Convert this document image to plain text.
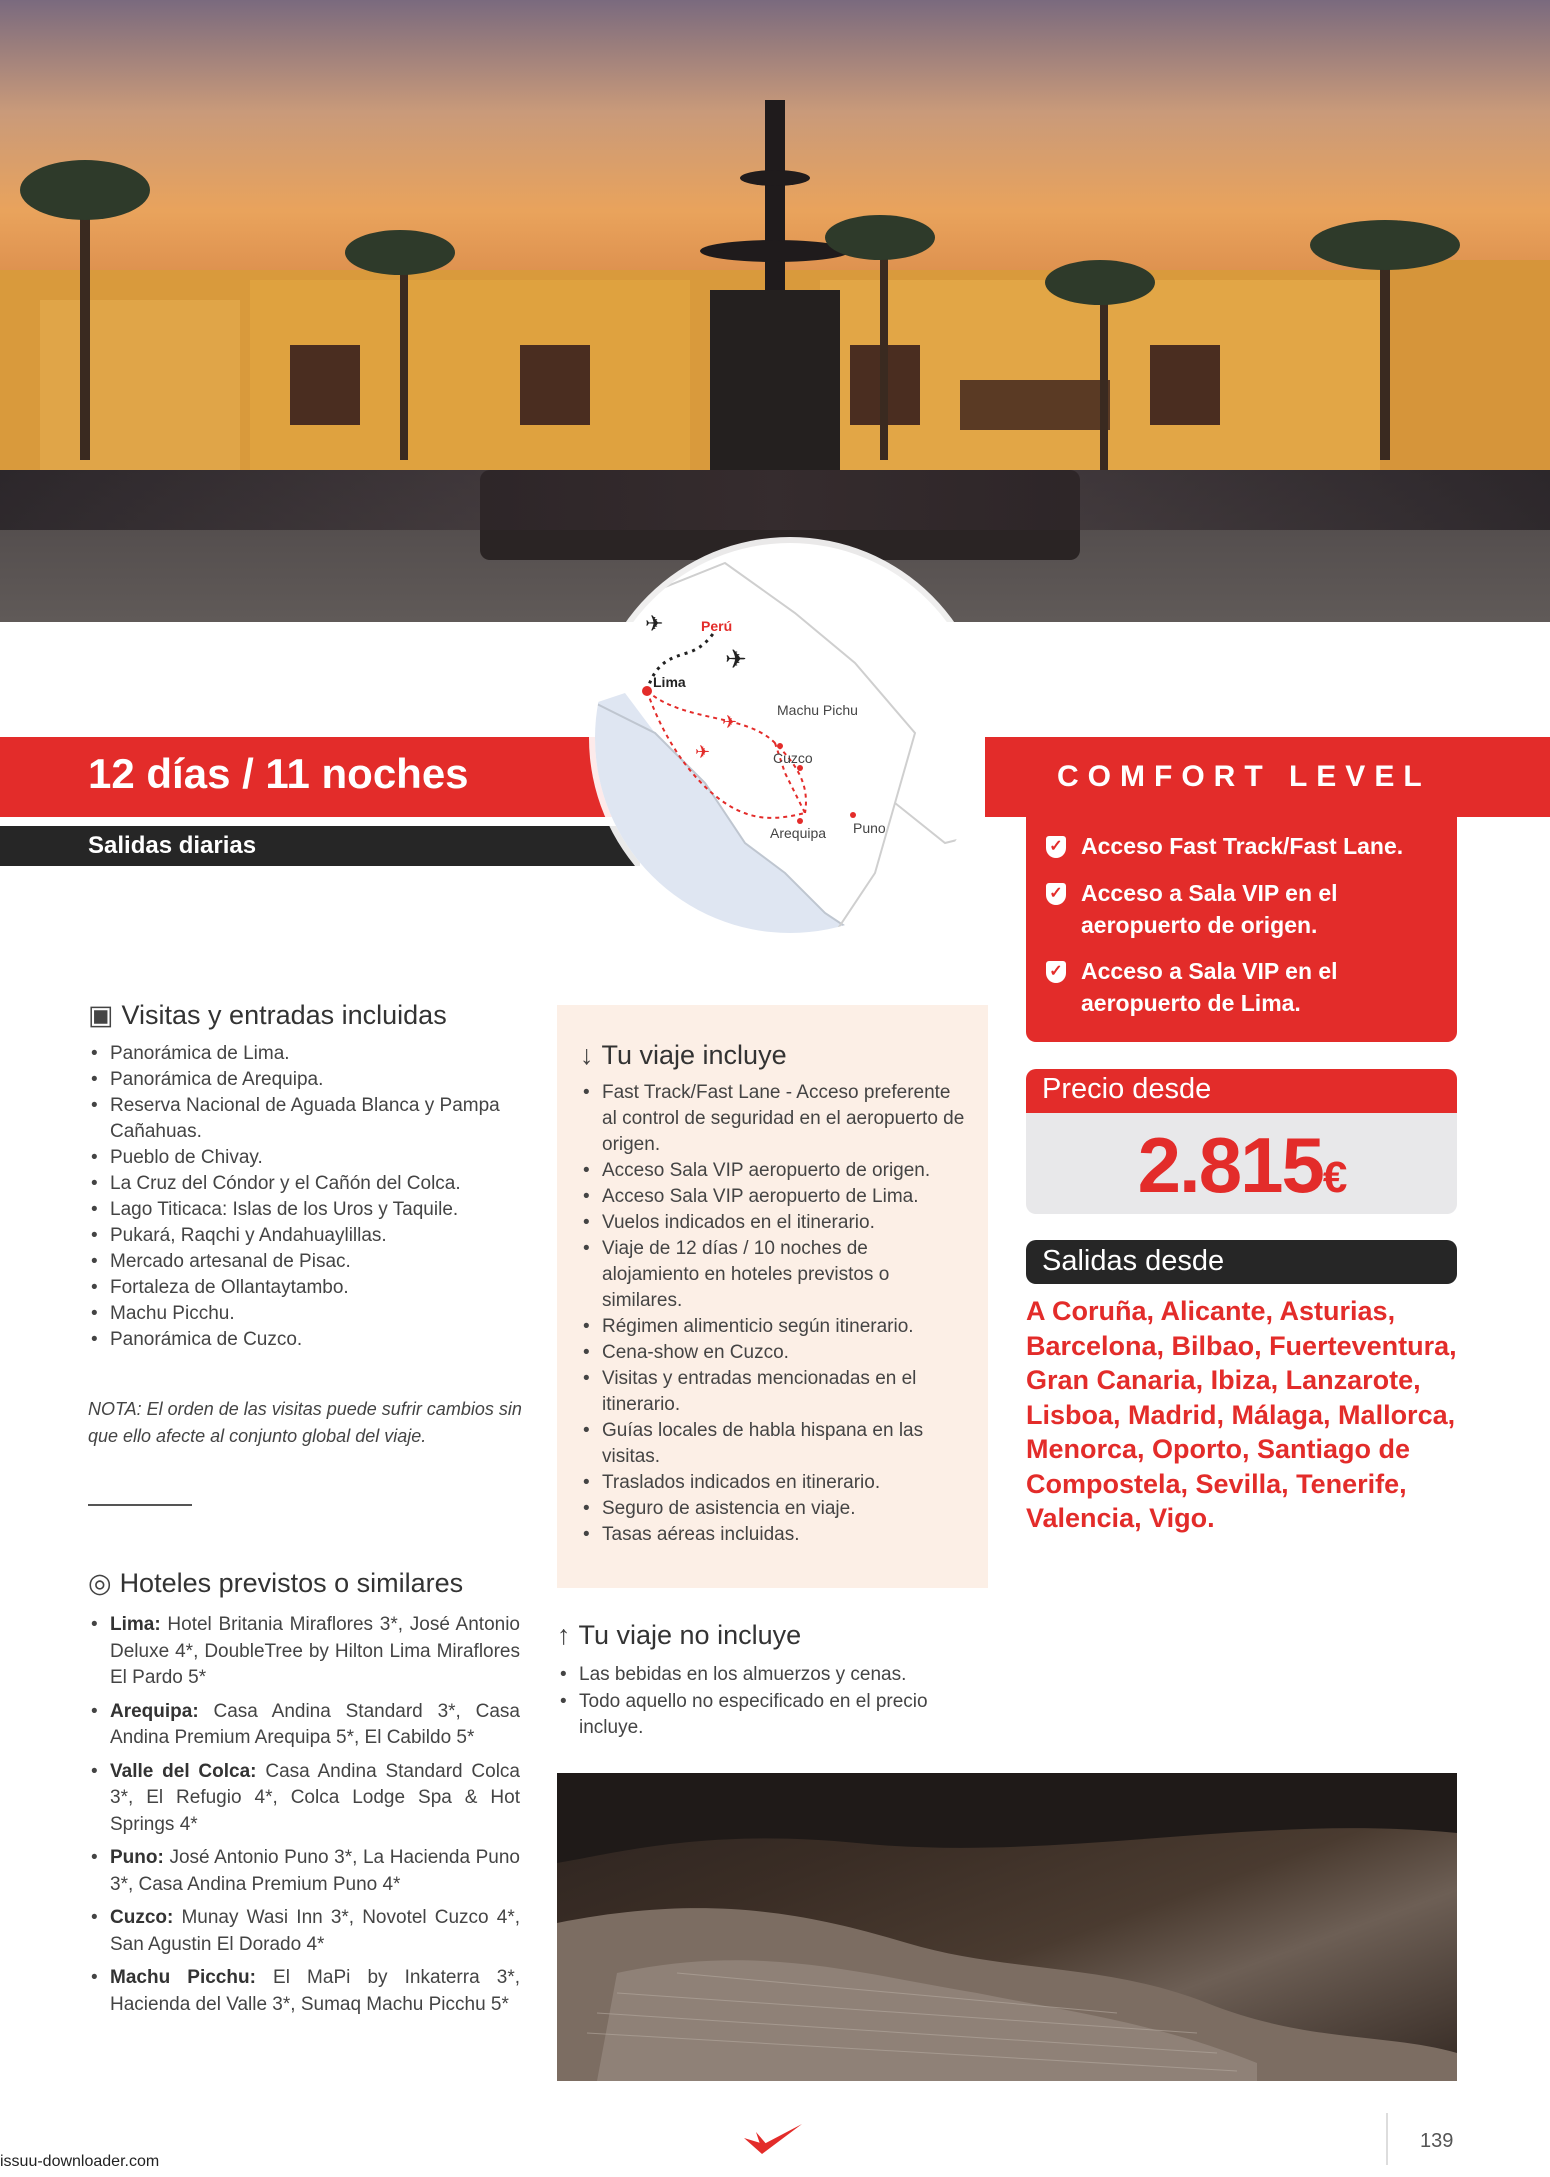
12 días / 11 noches
Salidas diarias
✈
✈
✈
✈
Perú
Lima
Machu Pichu
Cuzco
Arequipa Puno
COMFORT LEVEL
✓ Acceso Fast Track/Fast Lane.
✓ Acceso a Sala VIP en el aeropuerto de origen.
✓ Acceso a Sala VIP en el aeropuerto de Lima.
Precio desde
2.815€
Salidas desde
A Coruña, Alicante, Asturias, Barcelona, Bilbao, Fuerteventura, Gran Canaria, Ibiza, Lanzarote, Lisboa, Madrid, Málaga, Mallorca, Menorca, Oporto, Santiago de Compostela, Sevilla, Tenerife, Valencia, Vigo.
▣ Visitas y entradas incluidas
• Panorámica de Lima.
• Panorámica de Arequipa.
• Reserva Nacional de Aguada Blanca y Pampa Cañahuas.
• Pueblo de Chivay.
• La Cruz del Cóndor y el Cañón del Colca.
• Lago Titicaca: Islas de los Uros y Taquile.
• Pukará, Raqchi y Andahuaylillas.
• Mercado artesanal de Pisac.
• Fortaleza de Ollantaytambo.
• Machu Picchu.
• Panorámica de Cuzco.
NOTA: El orden de las visitas puede sufrir cambios sin que ello afecte al conjunto global del viaje.
◎ Hoteles previstos o similares
• Lima: Hotel Britania Miraflores 3*, José Antonio Deluxe 4*, DoubleTree by Hilton Lima Miraflores El Pardo 5*
• Arequipa: Casa Andina Standard 3*, Casa Andina Premium Arequipa 5*, El Cabildo 5*
• Valle del Colca: Casa Andina Standard Colca 3*, El Refugio 4*, Colca Lodge Spa & Hot Springs 4*
• Puno: José Antonio Puno 3*, La Hacienda Puno 3*, Casa Andina Premium Puno 4*
• Cuzco: Munay Wasi Inn 3*, Novotel Cuzco 4*, San Agustin El Dorado 4*
• Machu Picchu: El MaPi by Inkaterra 3*, Hacienda del Valle 3*, Sumaq Machu Picchu 5*
↓ Tu viaje incluye
• Fast Track/Fast Lane - Acceso preferente al control de seguridad en el aeropuerto de origen.
• Acceso Sala VIP aeropuerto de origen.
• Acceso Sala VIP aeropuerto de Lima.
• Vuelos indicados en el itinerario.
• Viaje de 12 días / 10 noches de alojamiento en hoteles previstos o similares.
• Régimen alimenticio según itinerario.
• Cena-show en Cuzco.
• Visitas y entradas mencionadas en el itinerario.
• Guías locales de habla hispana en las visitas.
• Traslados indicados en itinerario.
• Seguro de asistencia en viaje.
• Tasas aéreas incluidas.
↑ Tu viaje no incluye
• Las bebidas en los almuerzos y cenas.
• Todo aquello no especificado en el precio incluye.
139
issuu-downloader.com
